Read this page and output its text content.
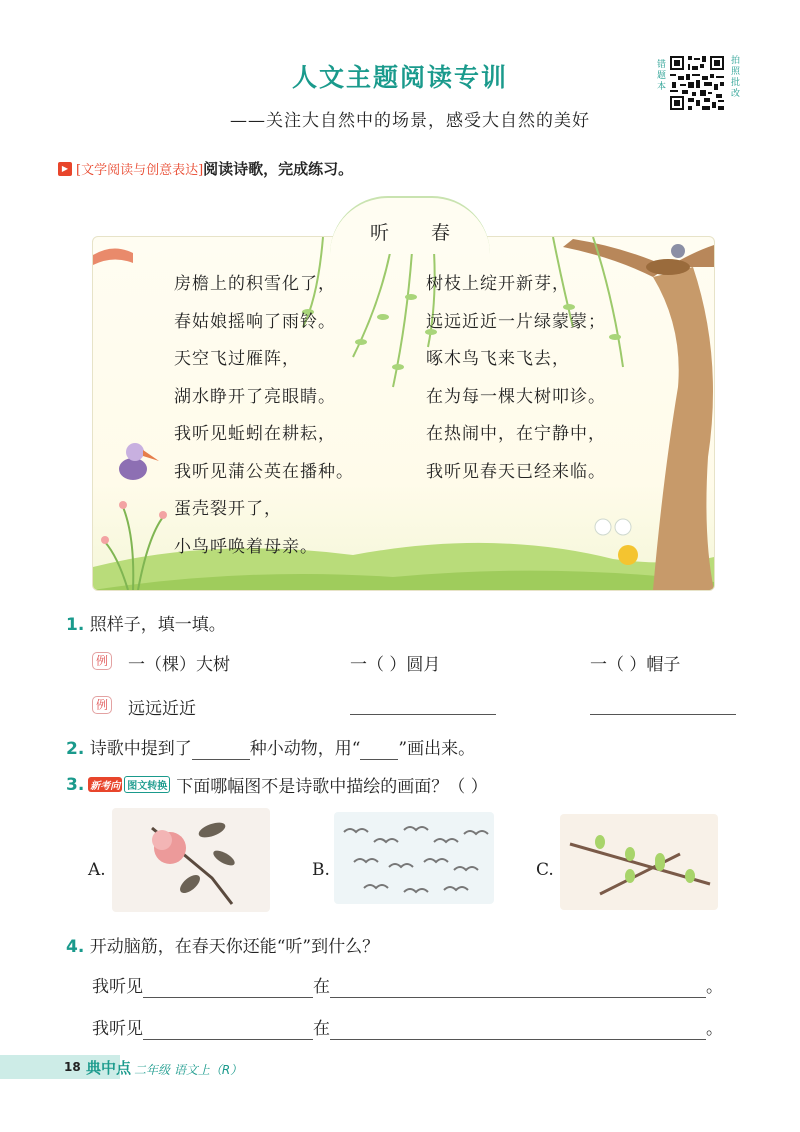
人文主题阅读专训
——关注大自然中的场景，感受大自然的美好
错
题
本
拍
照
批
改
▶ [文学阅读与创意表达] 阅读诗歌，完成练习。
听 春
房檐上的积雪化了，
春姑娘摇响了雨铃。
天空飞过雁阵，
湖水睁开了亮眼睛。
我听见蚯蚓在耕耘，
我听见蒲公英在播种。
蛋壳裂开了，
小鸟呼唤着母亲。
树枝上绽开新芽，
远远近近一片绿蒙蒙；
啄木鸟飞来飞去，
在为每一棵大树叩诊。
在热闹中，在宁静中，
我听见春天已经来临。
1. 照样子，填一填。
例 一（棵）大树	一（ ）圆月	一（ ）帽子
例 远远近近
2. 诗歌中提到了	种小动物，用“ ”画出来。
3. 新考向 图文转换 下面哪幅图不是诗歌中描绘的画面？（ ）
A.	B.	C.
4. 开动脑筋，在春天你还能“听”到什么？
我听见	在	。
我听见	在	。
18 典中点 二年级 语文上（R）
